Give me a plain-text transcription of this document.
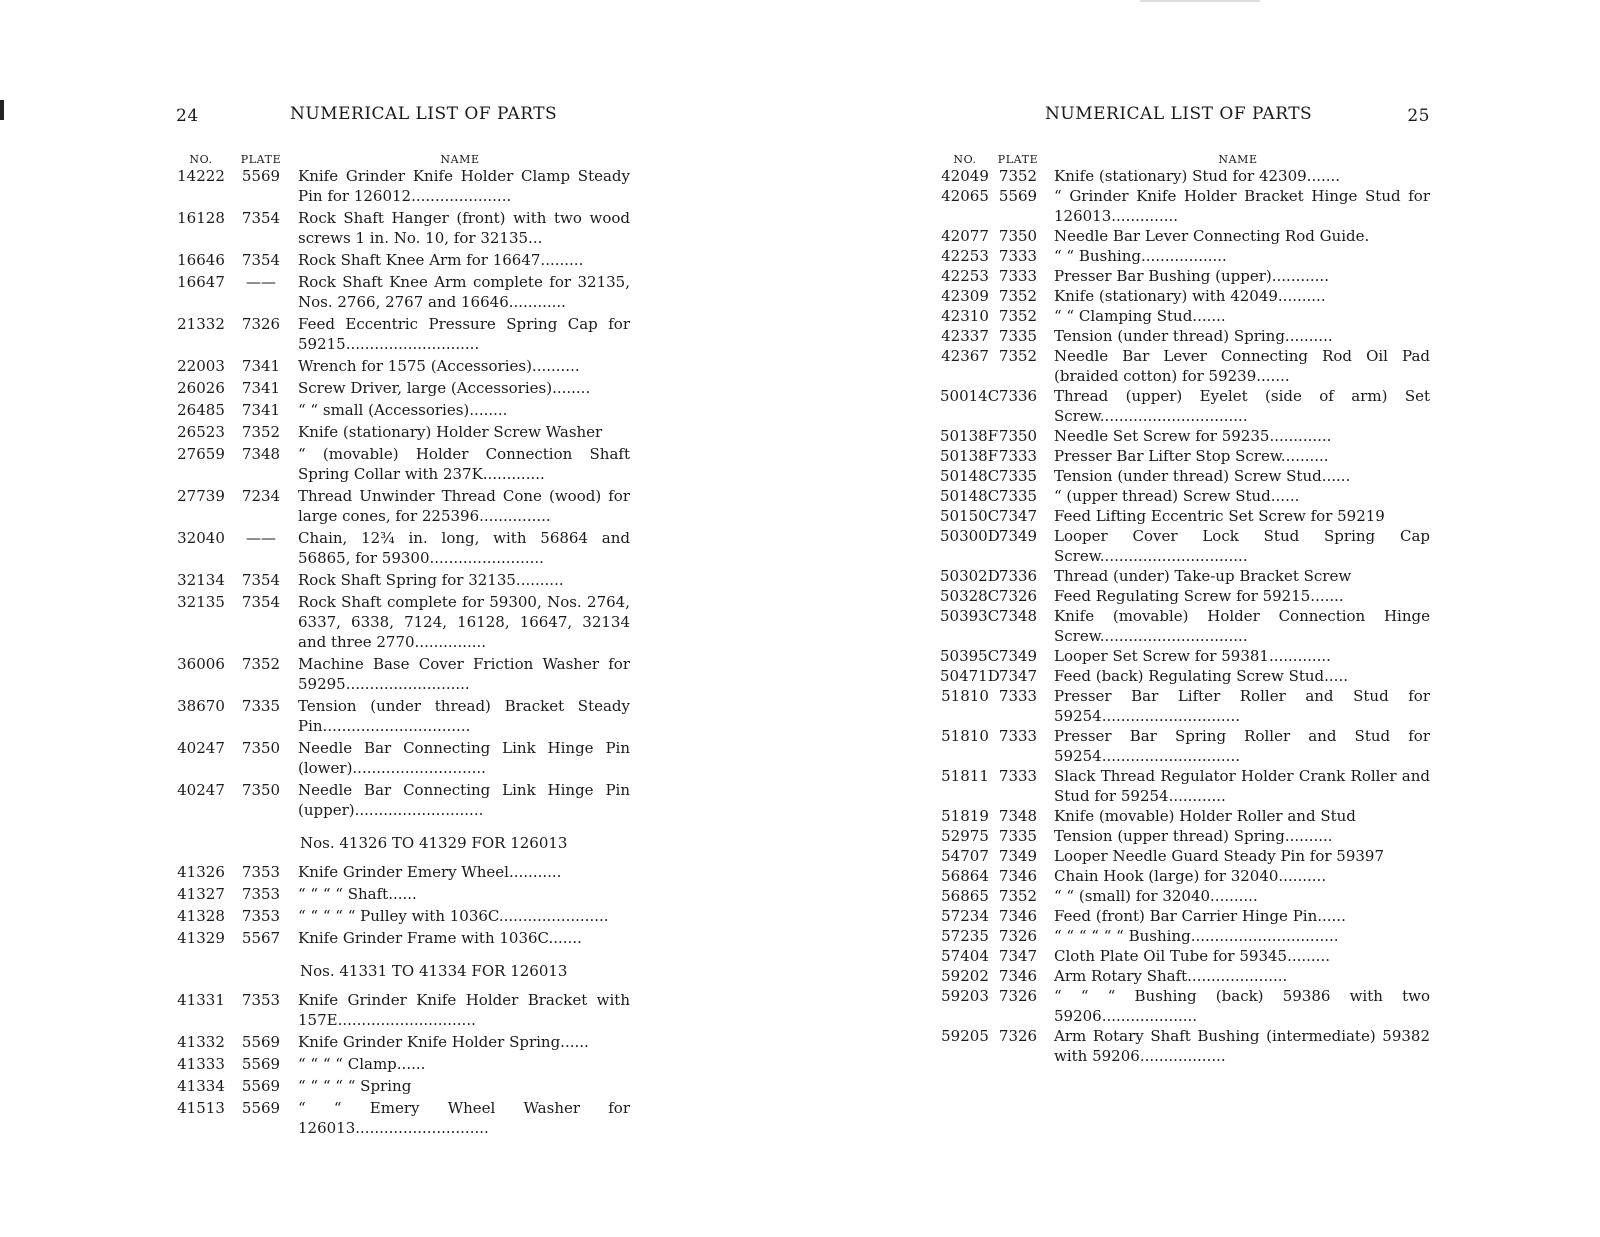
24	NUMERICAL LIST OF PARTS
NO.	PLATE	NAME
14222	5569	Knife Grinder Knife Holder Clamp Steady Pin for 126012.....................
16128	7354	Rock Shaft Hanger (front) with two wood screws 1 in. No. 10, for 32135...
16646	7354	Rock Shaft Knee Arm for 16647.........
16647	——	Rock Shaft Knee Arm complete for 32135, Nos. 2766, 2767 and 16646............
21332	7326	Feed Eccentric Pressure Spring Cap for 59215............................
22003	7341	Wrench for 1575 (Accessories)..........
26026	7341	Screw Driver, large (Accessories)........
26485	7341	“ “ small (Accessories)........
26523	7352	Knife (stationary) Holder Screw Washer
27659	7348	“ (movable) Holder Connection Shaft Spring Collar with 237K.............
27739	7234	Thread Unwinder Thread Cone (wood) for large cones, for 225396...............
32040	——	Chain, 12¾ in. long, with 56864 and 56865, for 59300........................
32134	7354	Rock Shaft Spring for 32135..........
32135	7354	Rock Shaft complete for 59300, Nos. 2764, 6337, 6338, 7124, 16128, 16647, 32134 and three 2770...............
36006	7352	Machine Base Cover Friction Washer for 59295..........................
38670	7335	Tension (under thread) Bracket Steady Pin...............................
40247	7350	Needle Bar Connecting Link Hinge Pin (lower)............................
40247	7350	Needle Bar Connecting Link Hinge Pin (upper)...........................
Nos. 41326 TO 41329 FOR 126013
41326	7353	Knife Grinder Emery Wheel...........
41327	7353	“ “ “ “ Shaft......
41328	7353	“ “ “ “ “ Pulley with 1036C.......................
41329	5567	Knife Grinder Frame with 1036C.......
Nos. 41331 TO 41334 FOR 126013
41331	7353	Knife Grinder Knife Holder Bracket with 157E.............................
41332	5569	Knife Grinder Knife Holder Spring......
41333	5569	“ “ “ “ Clamp......
41334	5569	“ “ “ “ “ Spring
41513	5569	“ “ Emery Wheel Washer for 126013............................
NUMERICAL LIST OF PARTS	25
NO.	PLATE	NAME
42049 7352	Knife (stationary) Stud for 42309.......
42065 5569	“ Grinder Knife Holder Bracket Hinge Stud for 126013..............
42077 7350	Needle Bar Lever Connecting Rod Guide.
42253 7333	“ “ Bushing..................
42253 7333	Presser Bar Bushing (upper)............
42309 7352	Knife (stationary) with 42049..........
42310 7352	“ “ Clamping Stud.......
42337 7335	Tension (under thread) Spring..........
42367 7352	Needle Bar Lever Connecting Rod Oil Pad (braided cotton) for 59239.......
50014C 7336	Thread (upper) Eyelet (side of arm) Set Screw...............................
50138F 7350	Needle Set Screw for 59235.............
50138F 7333	Presser Bar Lifter Stop Screw..........
50148C 7335	Tension (under thread) Screw Stud......
50148C 7335	“ (upper thread) Screw Stud......
50150C 7347	Feed Lifting Eccentric Set Screw for 59219
50300D 7349	Looper Cover Lock Stud Spring Cap Screw...............................
50302D 7336	Thread (under) Take-up Bracket Screw
50328C 7326	Feed Regulating Screw for 59215.......
50393C 7348	Knife (movable) Holder Connection Hinge Screw...............................
50395C 7349	Looper Set Screw for 59381.............
50471D 7347	Feed (back) Regulating Screw Stud.....
51810 7333	Presser Bar Lifter Roller and Stud for 59254.............................
51810 7333	Presser Bar Spring Roller and Stud for 59254.............................
51811 7333	Slack Thread Regulator Holder Crank Roller and Stud for 59254............
51819 7348	Knife (movable) Holder Roller and Stud
52975 7335	Tension (upper thread) Spring..........
54707 7349	Looper Needle Guard Steady Pin for 59397
56864 7346	Chain Hook (large) for 32040..........
56865 7352	“ “ (small) for 32040..........
57234 7346	Feed (front) Bar Carrier Hinge Pin......
57235 7326	“ “ “ “ “ “ Bushing...............................
57404 7347	Cloth Plate Oil Tube for 59345.........
59202 7346	Arm Rotary Shaft.....................
59203 7326	“ “ “ Bushing (back) 59386 with two 59206....................
59205 7326	Arm Rotary Shaft Bushing (intermediate) 59382 with 59206..................
